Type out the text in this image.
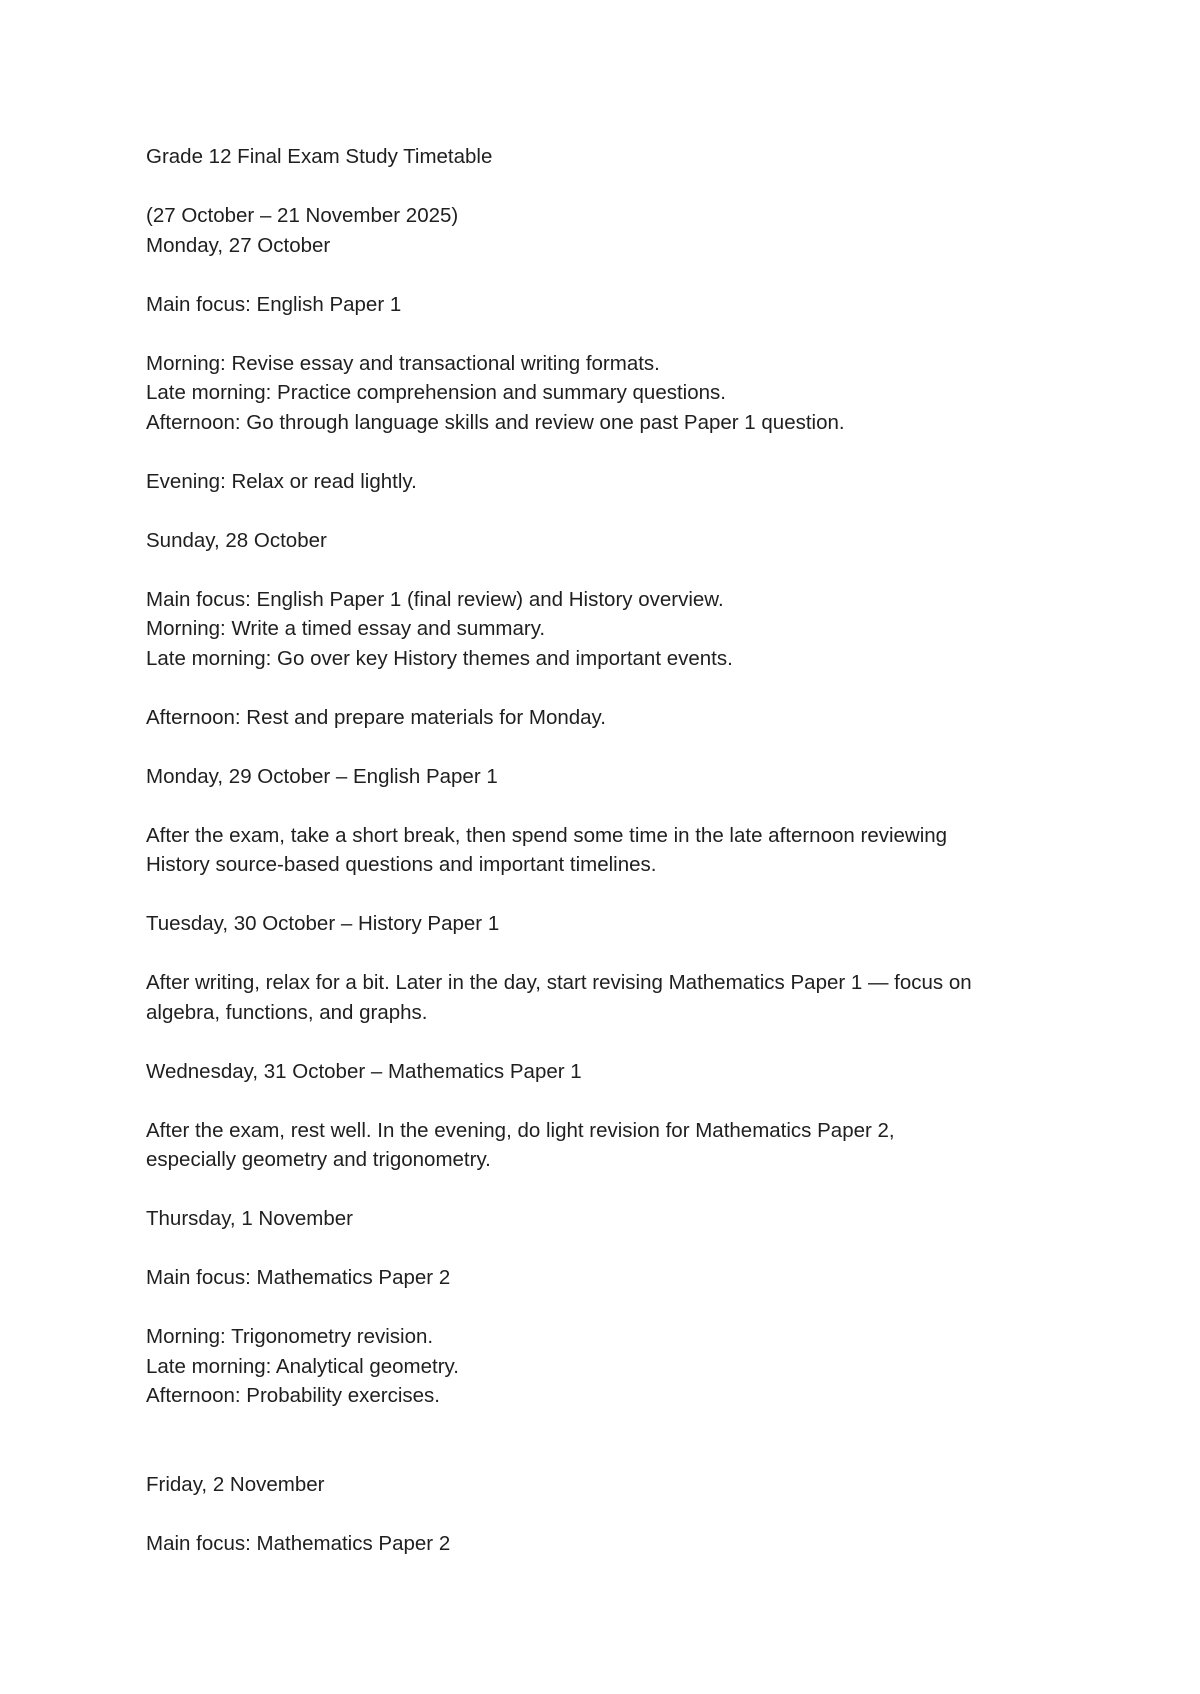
Grade 12 Final Exam Study Timetable

(27 October – 21 November 2025)

Monday, 27 October

Main focus: English Paper 1

Morning: Revise essay and transactional writing formats.

Late morning: Practice comprehension and summary questions.

Afternoon: Go through language skills and review one past Paper 1 question.

Evening: Relax or read lightly.

Sunday, 28 October

Main focus: English Paper 1 (final review) and History overview.

Morning: Write a timed essay and summary.

Late morning: Go over key History themes and important events.

Afternoon: Rest and prepare materials for Monday.

Monday, 29 October – English Paper 1

After the exam, take a short break, then spend some time in the late afternoon reviewing

History source-based questions and important timelines.

Tuesday, 30 October – History Paper 1

After writing, relax for a bit. Later in the day, start revising Mathematics Paper 1 — focus on

algebra, functions, and graphs.

Wednesday, 31 October – Mathematics Paper 1

After the exam, rest well. In the evening, do light revision for Mathematics Paper 2,

especially geometry and trigonometry.

Thursday, 1 November

Main focus: Mathematics Paper 2

Morning: Trigonometry revision.

Late morning: Analytical geometry.

Afternoon: Probability exercises.

Friday, 2 November

Main focus: Mathematics Paper 2
